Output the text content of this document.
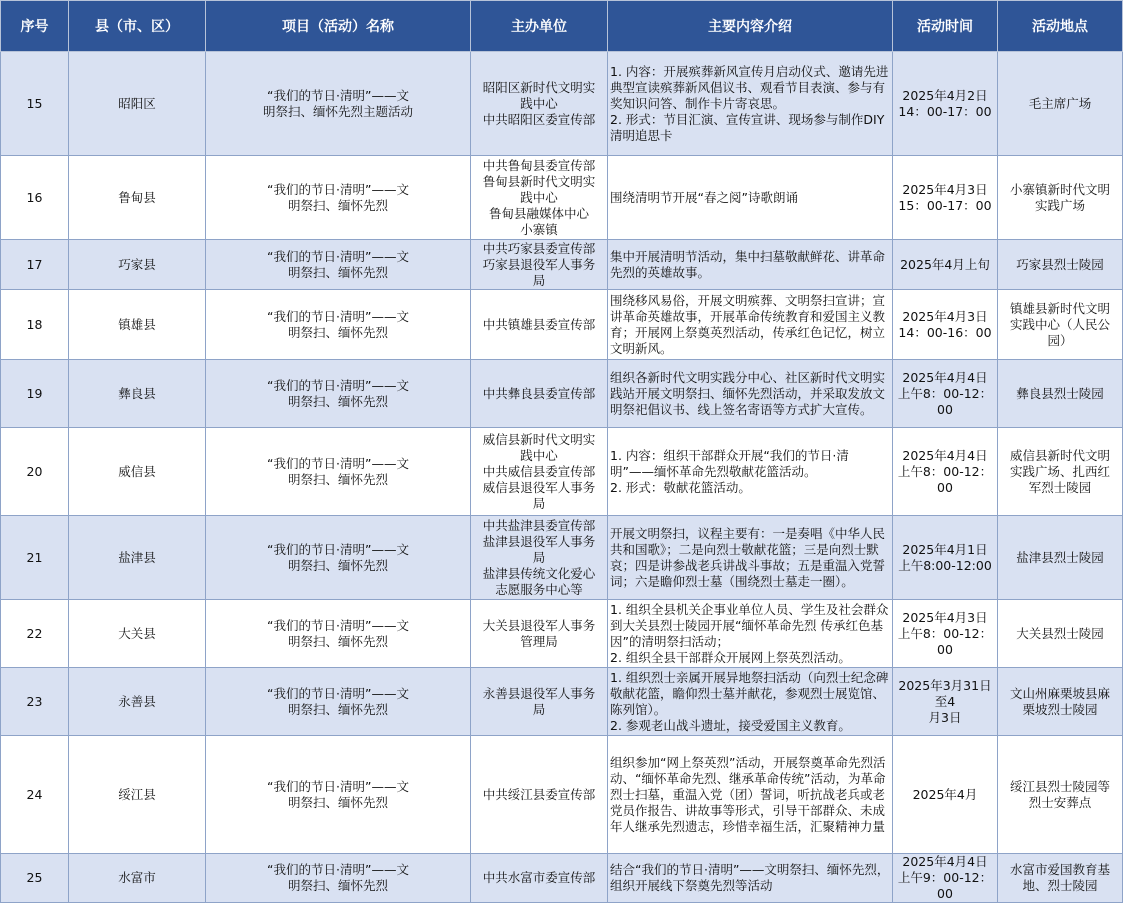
序号	县（市、区）	项目（活动）名称	主办单位	主要内容介绍	活动时间	活动地点
15	昭阳区	“我们的节日·清明”——文
明祭扫、缅怀先烈主题活动	昭阳区新时代文明实
践中心
中共昭阳区委宣传部	1. 内容：开展殡葬新风宣传月启动仪式、邀请先进典型宣读殡葬新风倡议书、观看节目表演、参与有奖知识问答、制作卡片寄哀思。
2. 形式：节目汇演、宣传宣讲、现场参与制作DIY清明追思卡	2025年4月2日
14：00-17：00	毛主席广场
16	鲁甸县	“我们的节日·清明”——文
明祭扫、缅怀先烈	中共鲁甸县委宣传部
鲁甸县新时代文明实
践中心
鲁甸县融媒体中心
小寨镇	围绕清明节开展“春之阅”诗歌朗诵	2025年4月3日
15：00-17：00	小寨镇新时代文明
实践广场
17	巧家县	“我们的节日·清明”——文
明祭扫、缅怀先烈	中共巧家县委宣传部
巧家县退役军人事务
局	集中开展清明节活动，集中扫墓敬献鲜花、讲革命先烈的英雄故事。	2025年4月上旬	巧家县烈士陵园
18	镇雄县	“我们的节日·清明”——文
明祭扫、缅怀先烈	中共镇雄县委宣传部	围绕移风易俗，开展文明殡葬、文明祭扫宣讲；宣讲革命英雄故事，开展革命传统教育和爱国主义教育；开展网上祭奠英烈活动，传承红色记忆，树立文明新风。	2025年4月3日
14：00-16：00	镇雄县新时代文明
实践中心（人民公
园）
19	彝良县	“我们的节日·清明”——文
明祭扫、缅怀先烈	中共彝良县委宣传部	组织各新时代文明实践分中心、社区新时代文明实践站开展文明祭扫、缅怀先烈活动，并采取发放文明祭祀倡议书、线上签名寄语等方式扩大宣传。	2025年4月4日
上午8：00-12：00	彝良县烈士陵园
20	威信县	“我们的节日·清明”——文
明祭扫、缅怀先烈	威信县新时代文明实
践中心
中共威信县委宣传部
威信县退役军人事务
局	1. 内容：组织干部群众开展“我们的节日·清明”——缅怀革命先烈敬献花篮活动。
2. 形式：敬献花篮活动。	2025年4月4日
上午8：00-12：00	威信县新时代文明
实践广场、扎西红
军烈士陵园
21	盐津县	“我们的节日·清明”——文
明祭扫、缅怀先烈	中共盐津县委宣传部
盐津县退役军人事务
局
盐津县传统文化爱心
志愿服务中心等	开展文明祭扫，议程主要有：一是奏唱《中华人民共和国歌》；二是向烈士敬献花篮；三是向烈士默哀；四是讲参战老兵讲战斗事故；五是重温入党誓词；六是瞻仰烈士墓（围绕烈士墓走一圈）。	2025年4月1日
上午8:00-12:00	盐津县烈士陵园
22	大关县	“我们的节日·清明”——文
明祭扫、缅怀先烈	大关县退役军人事务
管理局	1. 组织全县机关企事业单位人员、学生及社会群众到大关县烈士陵园开展“缅怀革命先烈 传承红色基因”的清明祭扫活动；
2. 组织全县干部群众开展网上祭英烈活动。	2025年4月3日
上午8：00-12：00	大关县烈士陵园
23	永善县	“我们的节日·清明”——文
明祭扫、缅怀先烈	永善县退役军人事务
局	1. 组织烈士亲属开展异地祭扫活动（向烈士纪念碑敬献花篮，瞻仰烈士墓并献花，参观烈士展览馆、陈列馆）。
2. 参观老山战斗遗址，接受爱国主义教育。	2025年3月31日至4
月3日	文山州麻栗坡县麻
栗坡烈士陵园
24	绥江县	“我们的节日·清明”——文
明祭扫、缅怀先烈	中共绥江县委宣传部	组织参加“网上祭英烈”活动，开展祭奠革命先烈活动、“缅怀革命先烈、继承革命传统”活动，为革命烈士扫墓，重温入党（团）誓词，听抗战老兵或老党员作报告、讲故事等形式，引导干部群众、未成年人继承先烈遗志，珍惜幸福生活，汇聚精神力量	2025年4月	绥江县烈士陵园等
烈士安葬点
25	水富市	“我们的节日·清明”——文
明祭扫、缅怀先烈	中共水富市委宣传部	结合“我们的节日·清明”——文明祭扫、缅怀先烈，组织开展线下祭奠先烈等活动	2025年4月4日
上午9：00-12：00	水富市爱国教育基
地、烈士陵园
